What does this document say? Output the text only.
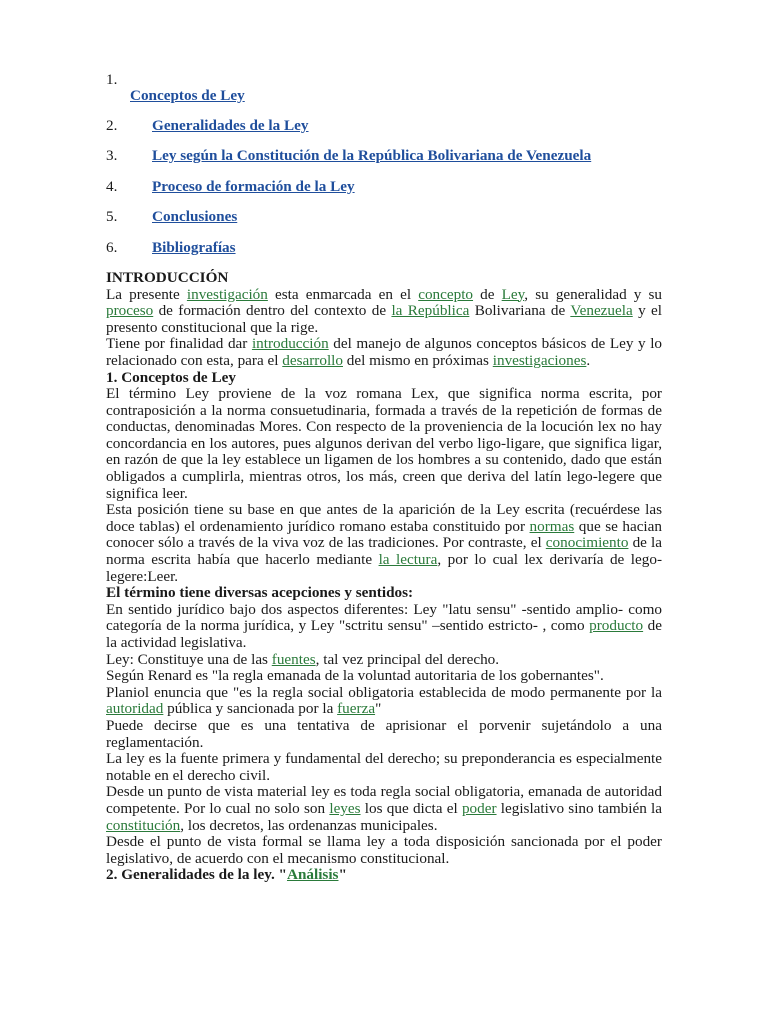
1.
Conceptos de Ley
2.	Generalidades de la Ley
3.	Ley según la Constitución de la República Bolivariana de Venezuela
4.	Proceso de formación de la Ley
5.	Conclusiones
6.	Bibliografías
INTRODUCCIÓN

La presente investigación esta enmarcada en el concepto de Ley, su generalidad y su proceso de formación dentro del contexto de la República Bolivariana de Venezuela y el presento constitucional que la rige.

Tiene por finalidad dar introducción del manejo de algunos conceptos básicos de Ley y lo relacionado con esta, para el desarrollo del mismo en próximas investigaciones.

1. Conceptos de Ley

El término Ley proviene de la voz romana Lex, que significa norma escrita, por contraposición a la norma consuetudinaria, formada a través de la repetición de formas de conductas, denominadas Mores. Con respecto de la proveniencia de la locución lex no hay concordancia en los autores, pues algunos derivan del verbo ligo-ligare, que significa ligar, en razón de que la ley establece un ligamen de los hombres a su contenido, dado que están obligados a cumplirla, mientras otros, los más, creen que deriva del latín lego-legere que significa leer.

Esta posición tiene su base en que antes de la aparición de la Ley escrita (recuérdese las doce tablas) el ordenamiento jurídico romano estaba constituido por normas que se hacian conocer sólo a través de la viva voz de las tradiciones. Por contraste, el conocimiento de la norma escrita había que hacerlo mediante la lectura, por lo cual lex derivaría de lego-legere:Leer.

El término tiene diversas acepciones y sentidos:

En sentido jurídico bajo dos aspectos diferentes: Ley "latu sensu" -sentido amplio- como categoría de la norma jurídica, y Ley "sctritu sensu" –sentido estricto- , como producto de la actividad legislativa.

Ley: Constituye una de las fuentes, tal vez principal del derecho.

Según Renard es "la regla emanada de la voluntad autoritaria de los gobernantes".

Planiol enuncia que "es la regla social obligatoria establecida de modo permanente por la autoridad pública y sancionada por la fuerza"

Puede decirse que es una tentativa de aprisionar el porvenir sujetándolo a una reglamentación.

La ley es la fuente primera y fundamental del derecho; su preponderancia es especialmente notable en el derecho civil.

Desde un punto de vista material ley es toda regla social obligatoria, emanada de autoridad competente. Por lo cual no solo son leyes los que dicta el poder legislativo sino también la constitución, los decretos, las ordenanzas municipales.

Desde el punto de vista formal se llama ley a toda disposición sancionada por el poder legislativo, de acuerdo con el mecanismo constitucional.

2. Generalidades de la ley. "Análisis"
